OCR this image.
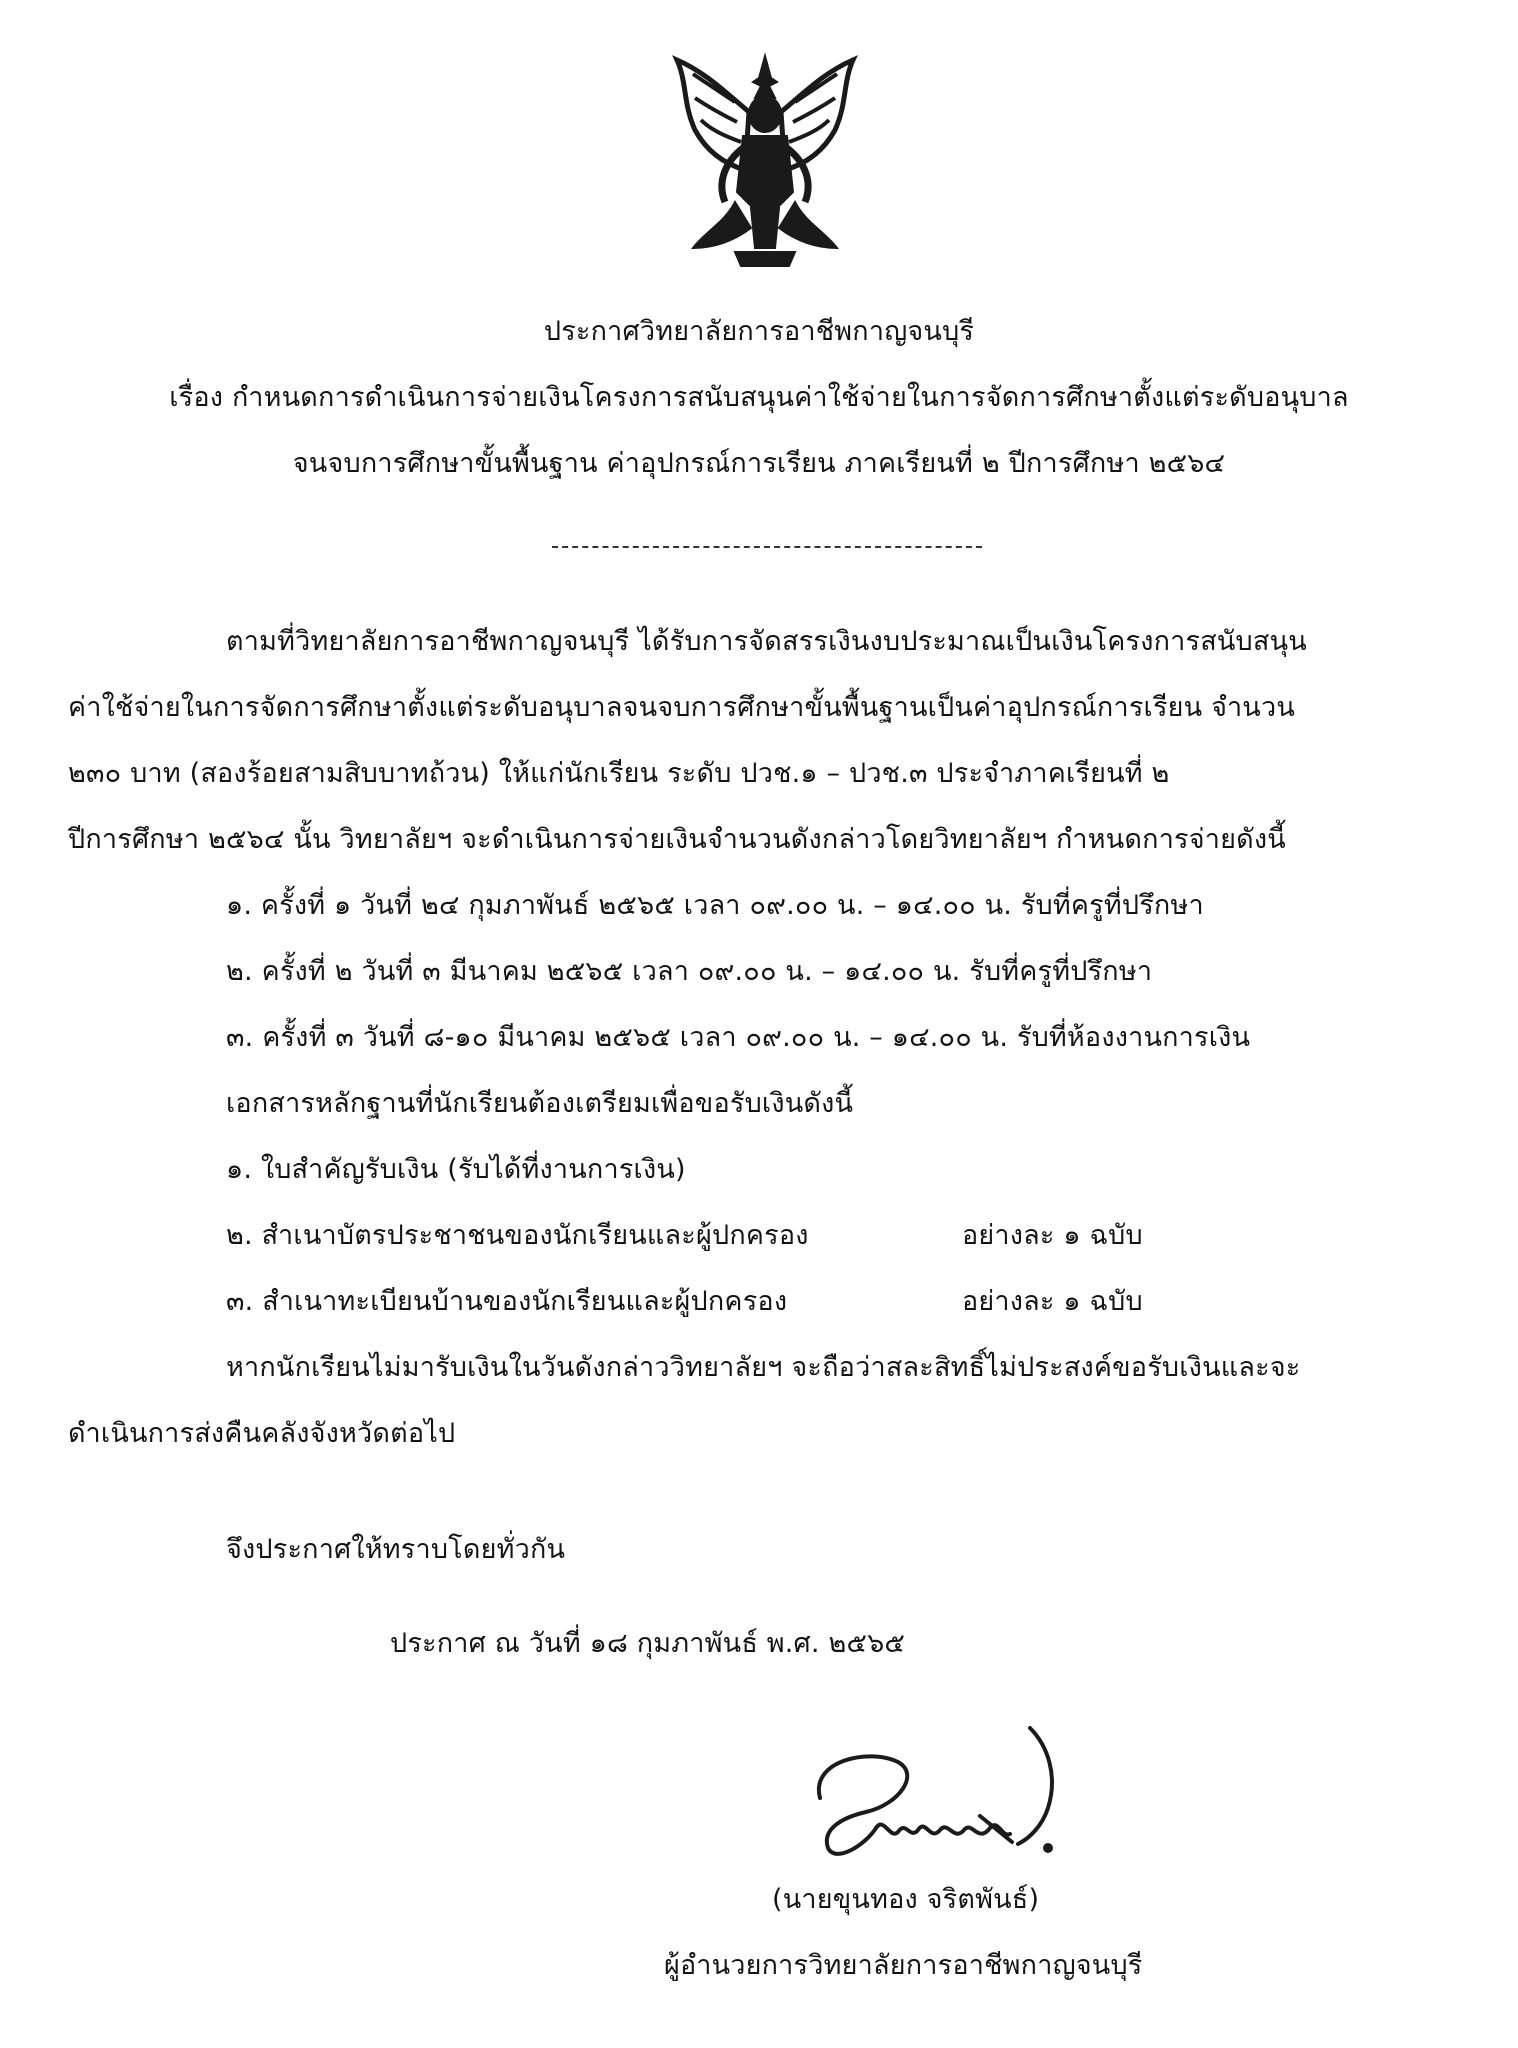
ประกาศวิทยาลัยการอาชีพกาญจนบุรี
เรื่อง กำหนดการดำเนินการจ่ายเงินโครงการสนับสนุนค่าใช้จ่ายในการจัดการศึกษาตั้งแต่ระดับอนุบาล
จนจบการศึกษาขั้นพื้นฐาน ค่าอุปกรณ์การเรียน ภาคเรียนที่ ๒ ปีการศึกษา ๒๕๖๔
ตามที่วิทยาลัยการอาชีพกาญจนบุรี ได้รับการจัดสรรเงินงบประมาณเป็นเงินโครงการสนับสนุน
ค่าใช้จ่ายในการจัดการศึกษาตั้งแต่ระดับอนุบาลจนจบการศึกษาขั้นพื้นฐานเป็นค่าอุปกรณ์การเรียน จำนวน
๒๓๐ บาท (สองร้อยสามสิบบาทถ้วน) ให้แก่นักเรียน ระดับ ปวช.๑ – ปวช.๓ ประจำภาคเรียนที่ ๒
ปีการศึกษา ๒๕๖๔ นั้น วิทยาลัยฯ จะดำเนินการจ่ายเงินจำนวนดังกล่าวโดยวิทยาลัยฯ กำหนดการจ่ายดังนี้
๑. ครั้งที่ ๑ วันที่ ๒๔ กุมภาพันธ์ ๒๕๖๕ เวลา ๐๙.๐๐ น. – ๑๔.๐๐ น. รับที่ครูที่ปรึกษา
๒. ครั้งที่ ๒ วันที่ ๓ มีนาคม ๒๕๖๕ เวลา ๐๙.๐๐ น. – ๑๔.๐๐ น. รับที่ครูที่ปรึกษา
๓. ครั้งที่ ๓ วันที่ ๘-๑๐ มีนาคม ๒๕๖๕ เวลา ๐๙.๐๐ น. – ๑๔.๐๐ น. รับที่ห้องงานการเงิน
เอกสารหลักฐานที่นักเรียนต้องเตรียมเพื่อขอรับเงินดังนี้
๑. ใบสำคัญรับเงิน (รับได้ที่งานการเงิน)
๒. สำเนาบัตรประชาชนของนักเรียนและผู้ปกครอง	อย่างละ ๑ ฉบับ
๓. สำเนาทะเบียนบ้านของนักเรียนและผู้ปกครอง	อย่างละ ๑ ฉบับ
หากนักเรียนไม่มารับเงินในวันดังกล่าววิทยาลัยฯ จะถือว่าสละสิทธิ์ไม่ประสงค์ขอรับเงินและจะ
ดำเนินการส่งคืนคลังจังหวัดต่อไป
จึงประกาศให้ทราบโดยทั่วกัน
ประกาศ ณ วันที่ ๑๘ กุมภาพันธ์ พ.ศ. ๒๕๖๕
(นายขุนทอง จริตพันธ์)
ผู้อำนวยการวิทยาลัยการอาชีพกาญจนบุรี
